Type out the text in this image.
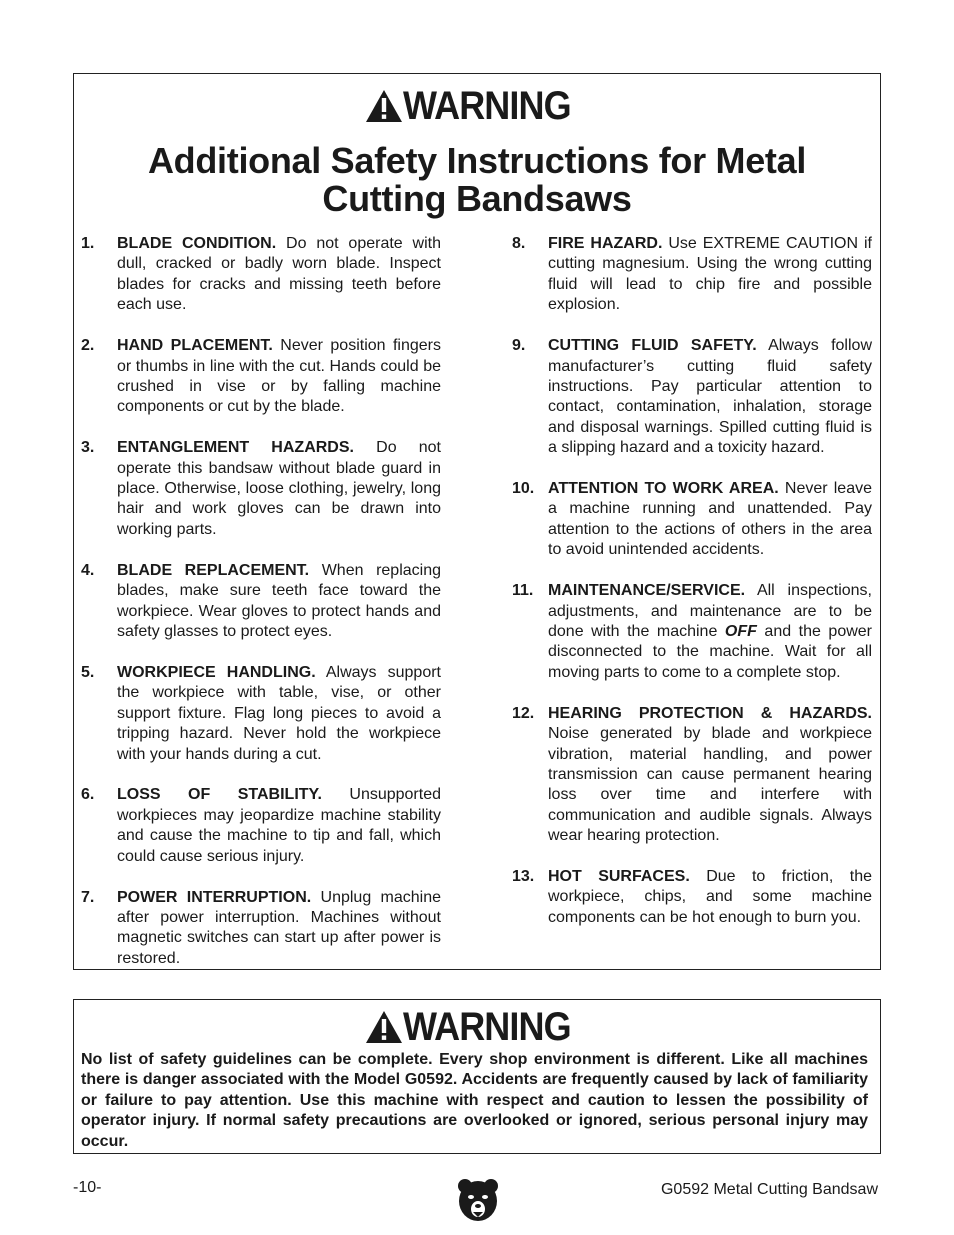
WARNING
Additional Safety Instructions for Metal
Cutting Bandsaws
1.	BLADE CONDITION. Do not operate with dull, cracked or badly worn blade. Inspect blades for cracks and missing teeth before each use.
2.	HAND PLACEMENT. Never position fingers or thumbs in line with the cut. Hands could be crushed in vise or by falling machine components or cut by the blade.
3.	ENTANGLEMENT HAZARDS. Do not operate this bandsaw without blade guard in place. Otherwise, loose clothing, jewelry, long hair and work gloves can be drawn into working parts.
4.	BLADE REPLACEMENT. When replacing blades, make sure teeth face toward the workpiece. Wear gloves to protect hands and safety glasses to protect eyes.
5.	WORKPIECE HANDLING. Always support the workpiece with table, vise, or other support fixture. Flag long pieces to avoid a tripping hazard. Never hold the workpiece with your hands during a cut.
6.	LOSS OF STABILITY. Unsupported workpieces may jeopardize machine stability and cause the machine to tip and fall, which could cause serious injury.
7.	POWER INTERRUPTION. Unplug machine after power interruption. Machines without magnetic switches can start up after power is restored.
8.	FIRE HAZARD. Use EXTREME CAUTION if cutting magnesium. Using the wrong cutting fluid will lead to chip fire and possible explosion.
9.	CUTTING FLUID SAFETY. Always follow manufacturer’s cutting fluid safety instructions. Pay particular attention to contact, contamination, inhalation, storage and disposal warnings. Spilled cutting fluid is a slipping hazard and a toxicity hazard.
10. ATTENTION TO WORK AREA. Never leave a machine running and unattended. Pay attention to the actions of others in the area to avoid unintended accidents.
11. MAINTENANCE/SERVICE. All inspections, adjustments, and maintenance are to be done with the machine OFF and the power disconnected to the machine. Wait for all moving parts to come to a complete stop.
12. HEARING PROTECTION & HAZARDS. Noise generated by blade and workpiece vibration, material handling, and power transmission can cause permanent hearing loss over time and interfere with communication and audible signals. Always wear hearing protection.
13. HOT SURFACES. Due to friction, the workpiece, chips, and some machine components can be hot enough to burn you.
WARNING
No list of safety guidelines can be complete. Every shop environment is different. Like all machines there is danger associated with the Model G0592. Accidents are frequently caused by lack of familiarity or failure to pay attention. Use this machine with respect and caution to lessen the possibility of operator injury. If normal safety precautions are overlooked or ignored, serious personal injury may occur.
-10-	G0592 Metal Cutting Bandsaw
